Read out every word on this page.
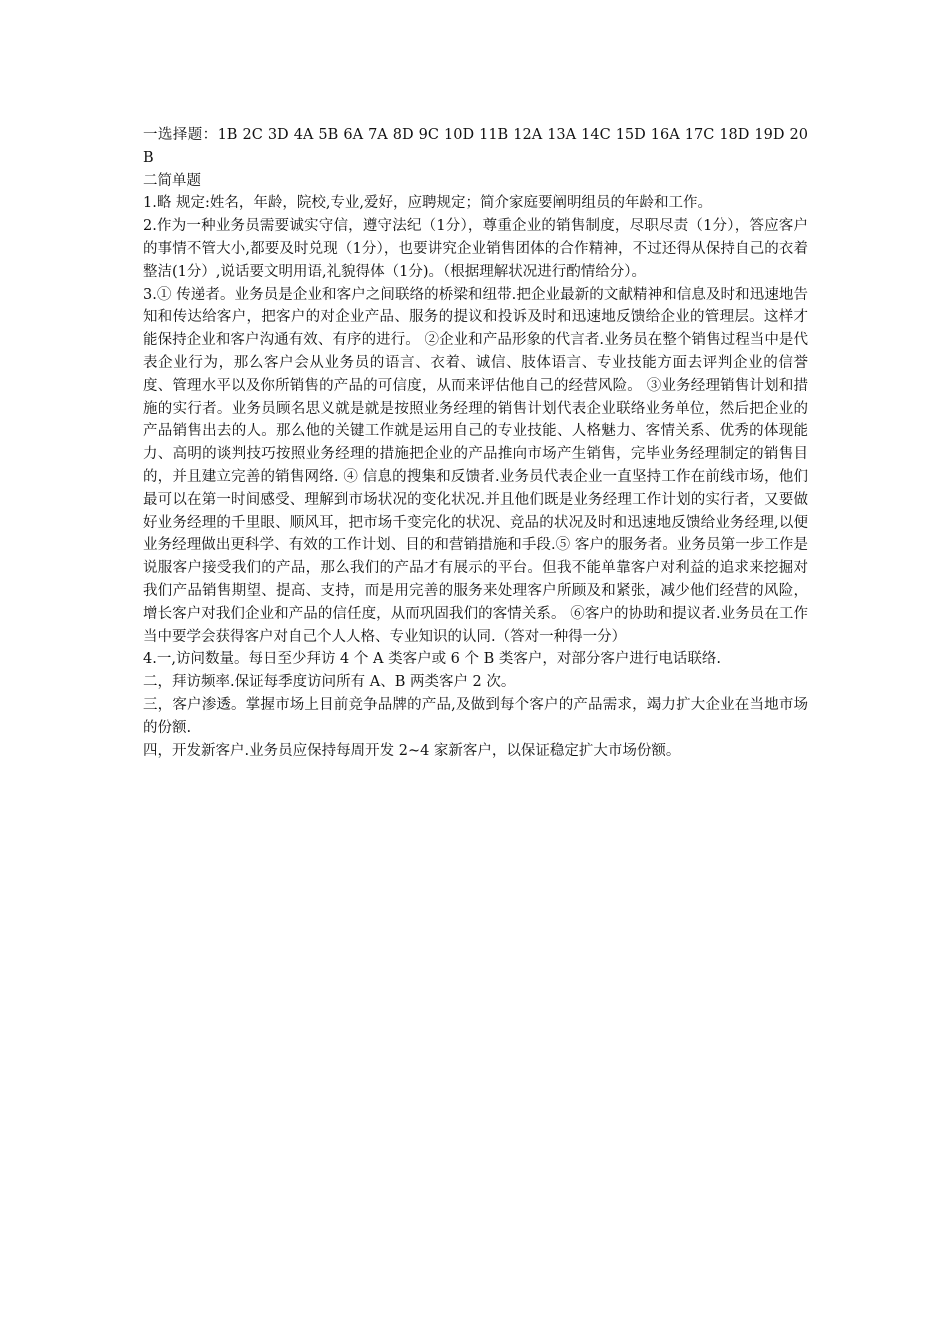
一选择题：1B 2C 3D 4A 5B 6A 7A 8D 9C 10D 11B 12A 13A 14C 15D 16A 17C 18D 19D 20B

二简单题

1.略 规定:姓名，年龄，院校,专业,爱好，应聘规定；简介家庭要阐明组员的年龄和工作。

2.作为一种业务员需要诚实守信，遵守法纪（1分），尊重企业的销售制度，尽职尽责（1分），答应客户的事情不管大小,都要及时兑现（1分），也要讲究企业销售团体的合作精神，不过还得从保持自己的衣着整洁(1分）,说话要文明用语,礼貌得体（1分)。（根据理解状况进行酌情给分）。

3.① 传递者。业务员是企业和客户之间联络的桥梁和纽带.把企业最新的文献精神和信息及时和迅速地告知和传达给客户，把客户的对企业产品、服务的提议和投诉及时和迅速地反馈给企业的管理层。这样才能保持企业和客户沟通有效、有序的进行。 ②企业和产品形象的代言者.业务员在整个销售过程当中是代表企业行为，那么客户会从业务员的语言、衣着、诚信、肢体语言、专业技能方面去评判企业的信誉度、管理水平以及你所销售的产品的可信度，从而来评估他自己的经营风险。 ③业务经理销售计划和措施的实行者。业务员顾名思义就是就是按照业务经理的销售计划代表企业联络业务单位，然后把企业的产品销售出去的人。那么他的关键工作就是运用自己的专业技能、人格魅力、客情关系、优秀的体现能力、高明的谈判技巧按照业务经理的措施把企业的产品推向市场产生销售，完毕业务经理制定的销售目的，并且建立完善的销售网络. ④ 信息的搜集和反馈者.业务员代表企业一直坚持工作在前线市场，他们最可以在第一时间感受、理解到市场状况的变化状况.并且他们既是业务经理工作计划的实行者，又要做好业务经理的千里眼、顺风耳，把市场千变完化的状况、竞品的状况及时和迅速地反馈给业务经理,以便业务经理做出更科学、有效的工作计划、目的和营销措施和手段.⑤ 客户的服务者。业务员第一步工作是说服客户接受我们的产品，那么我们的产品才有展示的平台。但我不能单靠客户对利益的追求来挖掘对我们产品销售期望、提高、支持，而是用完善的服务来处理客户所顾及和紧张，减少他们经营的风险，增长客户对我们企业和产品的信任度，从而巩固我们的客情关系。 ⑥客户的协助和提议者.业务员在工作当中要学会获得客户对自己个人人格、专业知识的认同.（答对一种得一分）

4.一,访问数量。每日至少拜访 4 个 A 类客户或 6 个 B 类客户，对部分客户进行电话联络.

二，拜访频率.保证每季度访问所有 A、B 两类客户 2 次。

三，客户渗透。掌握市场上目前竞争品牌的产品,及做到每个客户的产品需求，竭力扩大企业在当地市场的份额.

四，开发新客户.业务员应保持每周开发 2~4 家新客户，以保证稳定扩大市场份额。
